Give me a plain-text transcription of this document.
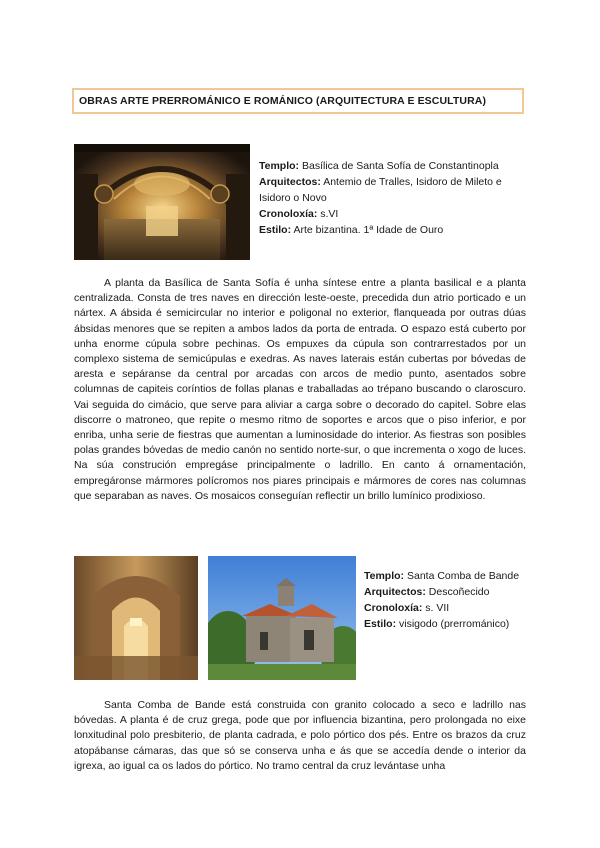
OBRAS ARTE PRERROMÁNICO E ROMÁNICO (ARQUITECTURA E ESCULTURA)
Templo: Basílica de Santa Sofía de Constantinopla
Arquitectos: Antemio de Tralles, Isidoro de Mileto e Isidoro o Novo
Cronoloxía: s.VI
Estilo: Arte bizantina. 1ª Idade de Ouro

A planta da Basílica de Santa Sofía é unha síntese entre a planta basilical e a planta centralizada. Consta de tres naves en dirección leste-oeste, precedida dun atrio porticado e un nártex. A ábsida é semicircular no interior e poligonal no exterior, flanqueada por outras dúas ábsidas menores que se repiten a ambos lados da porta de entrada. O espazo está cuberto por unha enorme cúpula sobre pechinas. Os empuxes da cúpula son contrarrestados por un complexo sistema de semicúpulas e exedras. As naves laterais están cubertas por bóvedas de aresta e sepáranse da central por arcadas con arcos de medio punto, asentados sobre columnas de capiteis coríntios de follas planas e traballadas ao trépano buscando o claroscuro. Vai seguida do cimácio, que serve para aliviar a carga sobre o decorado do capitel. Sobre elas discorre o matroneo, que repite o mesmo ritmo de soportes e arcos que o piso inferior, e por enriba, unha serie de fiestras que aumentan a luminosidade do interior. As fiestras son posibles polas grandes bóvedas de medio canón no sentido norte-sur, o que incrementa o xogo de luces. Na súa construción empregáse principalmente o ladrillo. En canto á ornamentación, empregáronse mármores polícromos nos piares principais e mármores de cores nas columnas que separaban as naves. Os mosaicos conseguían reflectir un brillo lumínico prodixioso.

Templo: Santa Comba de Bande
Arquitectos: Descoñecido
Cronoloxía: s. VII
Estilo: visigodo (prerrománico)

Santa Comba de Bande está construida con granito colocado a seco e ladrillo nas bóvedas. A planta é de cruz grega, pode que por influencia bizantina, pero prolongada no eixe lonxitudinal polo presbiterio, de planta cadrada, e polo pórtico dos pés. Entre os brazos da cruz atopábanse cámaras, das que só se conserva unha e ás que se accedía dende o interior da igrexa, ao igual ca os lados do pórtico. No tramo central da cruz levántase unha
